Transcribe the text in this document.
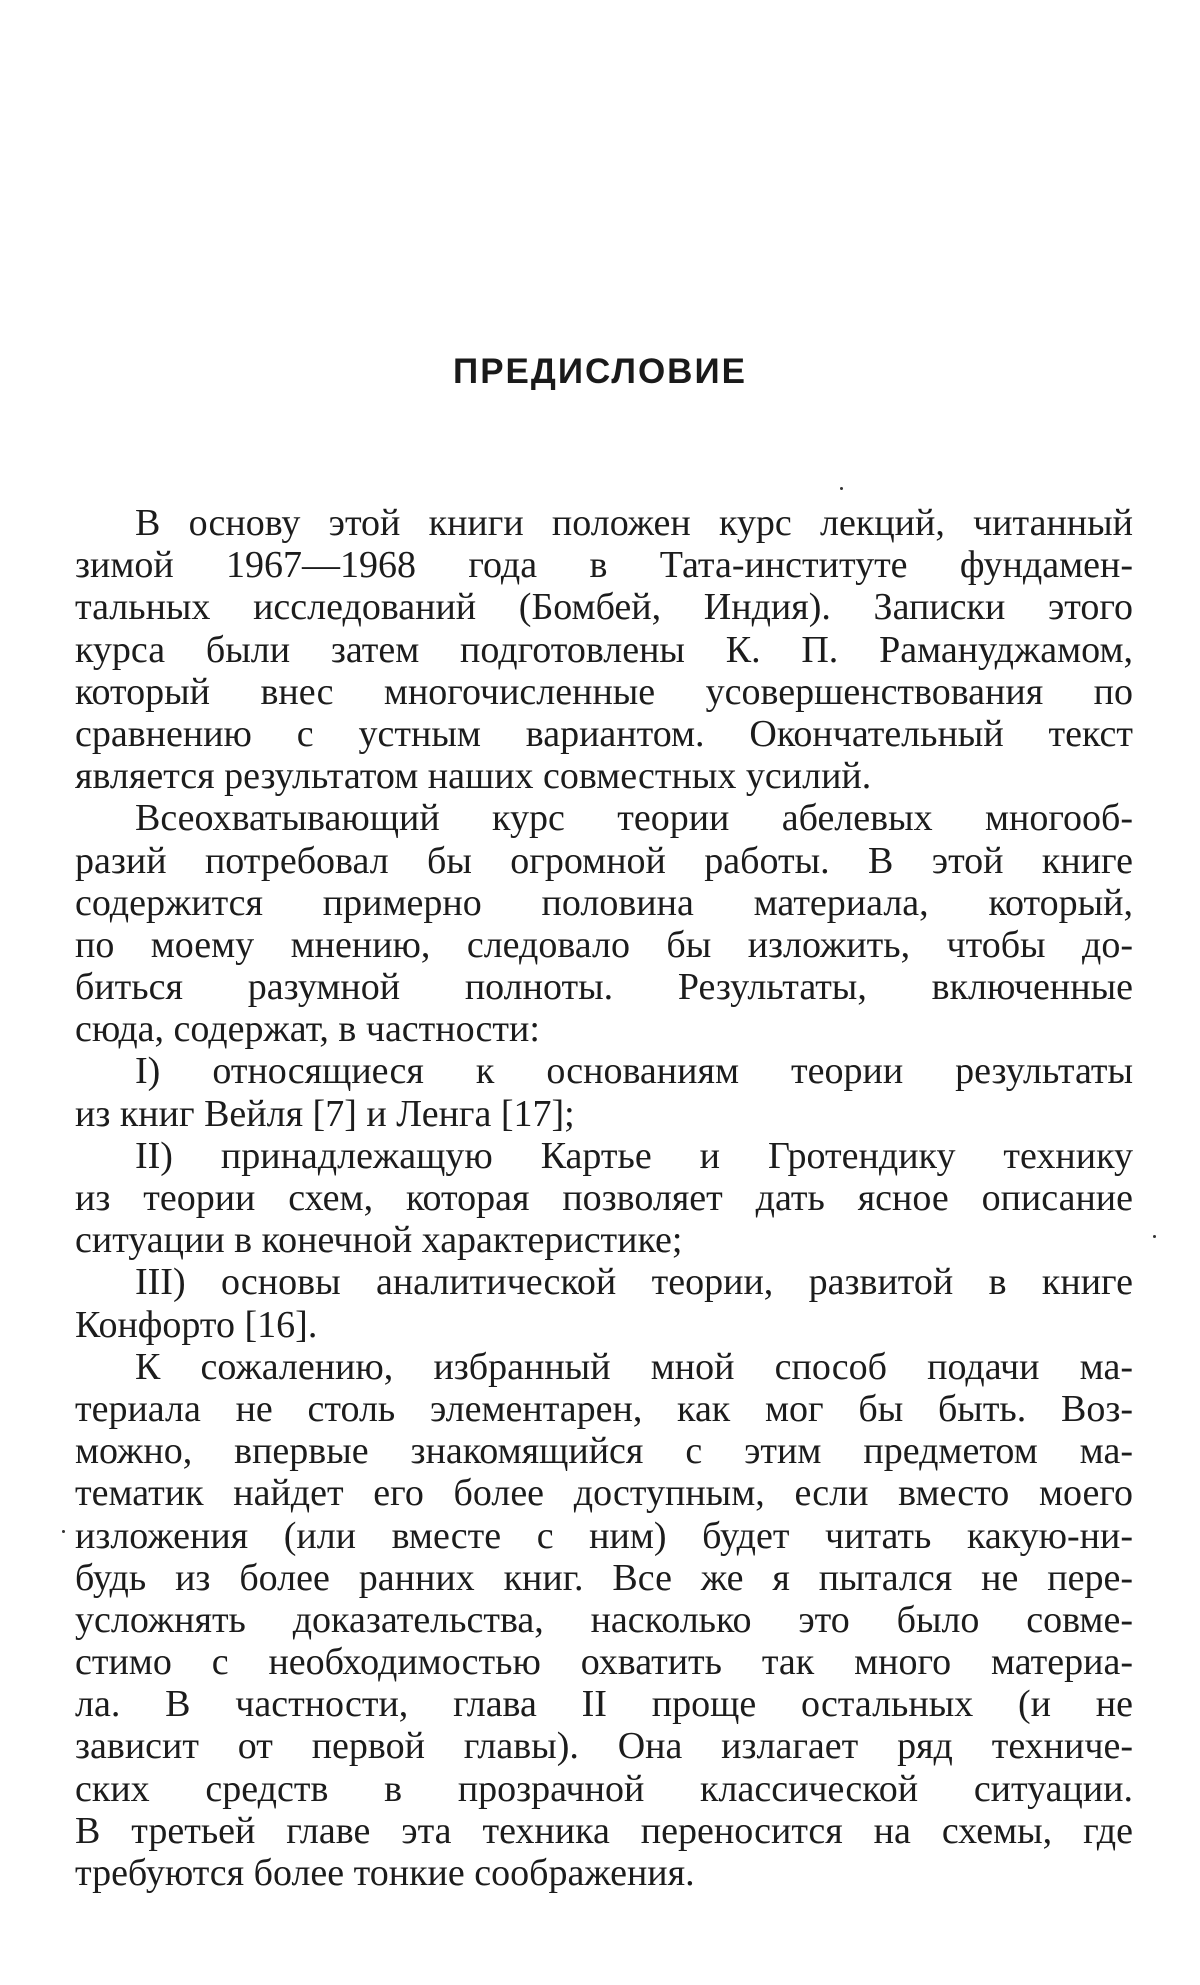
ПРЕДИСЛОВИЕ
В основу этой книги положен курс лекций, читанный
зимой 1967—1968 года в Тата-институте фундамен-
тальных исследований (Бомбей, Индия). Записки этого
курса были затем подготовлены К. П. Рамануджамом,
который внес многочисленные усовершенствования по
сравнению с устным вариантом. Окончательный текст
является результатом наших совместных усилий.
Всеохватывающий курс теории абелевых многооб-
разий потребовал бы огромной работы. В этой книге
содержится примерно половина материала, который,
по моему мнению, следовало бы изложить, чтобы до-
биться разумной полноты. Результаты, включенные
сюда, содержат, в частности:
I) относящиеся к основаниям теории результаты
из книг Вейля [7] и Ленга [17];
II) принадлежащую Картье и Гротендику технику
из теории схем, которая позволяет дать ясное описание
ситуации в конечной характеристике;
III) основы аналитической теории, развитой в книге
Конфорто [16].
К сожалению, избранный мной способ подачи ма-
териала не столь элементарен, как мог бы быть. Воз-
можно, впервые знакомящийся с этим предметом ма-
тематик найдет его более доступным, если вместо моего
изложения (или вместе с ним) будет читать какую-ни-
будь из более ранних книг. Все же я пытался не пере-
усложнять доказательства, насколько это было совме-
стимо с необходимостью охватить так много материа-
ла. В частности, глава II проще остальных (и не
зависит от первой главы). Она излагает ряд техниче-
ских средств в прозрачной классической ситуации.
В третьей главе эта техника переносится на схемы, где
требуются более тонкие соображения.
